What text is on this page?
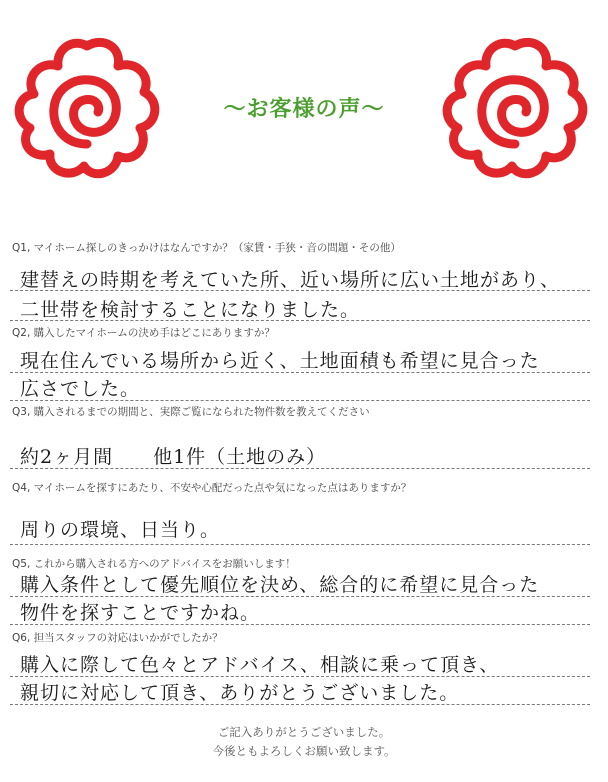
～お客様の声～
Q1, マイホーム探しのきっかけはなんですか？（家賃・手狭・音の問題・その他）
建替えの時期を考えていた所、近い場所に広い土地があり、
二世帯を検討することになりました。
Q2, 購入したマイホームの決め手はどこにありますか？
現在住んでいる場所から近く、土地面積も希望に見合った
広さでした。
Q3, 購入されるまでの期間と、実際ご覧になられた物件数を教えてください
約2ヶ月間　　他1件（土地のみ）
Q4, マイホームを探すにあたり、不安や心配だった点や気になった点はありますか？
周りの環境、日当り。
Q5, これから購入される方へのアドバイスをお願いします！
購入条件として優先順位を決め、総合的に希望に見合った
物件を探すことですかね。
Q6, 担当スタッフの対応はいかがでしたか？
購入に際して色々とアドバイス、相談に乗って頂き、
親切に対応して頂き、ありがとうございました。
ご記入ありがとうございました。
今後ともよろしくお願い致します。
